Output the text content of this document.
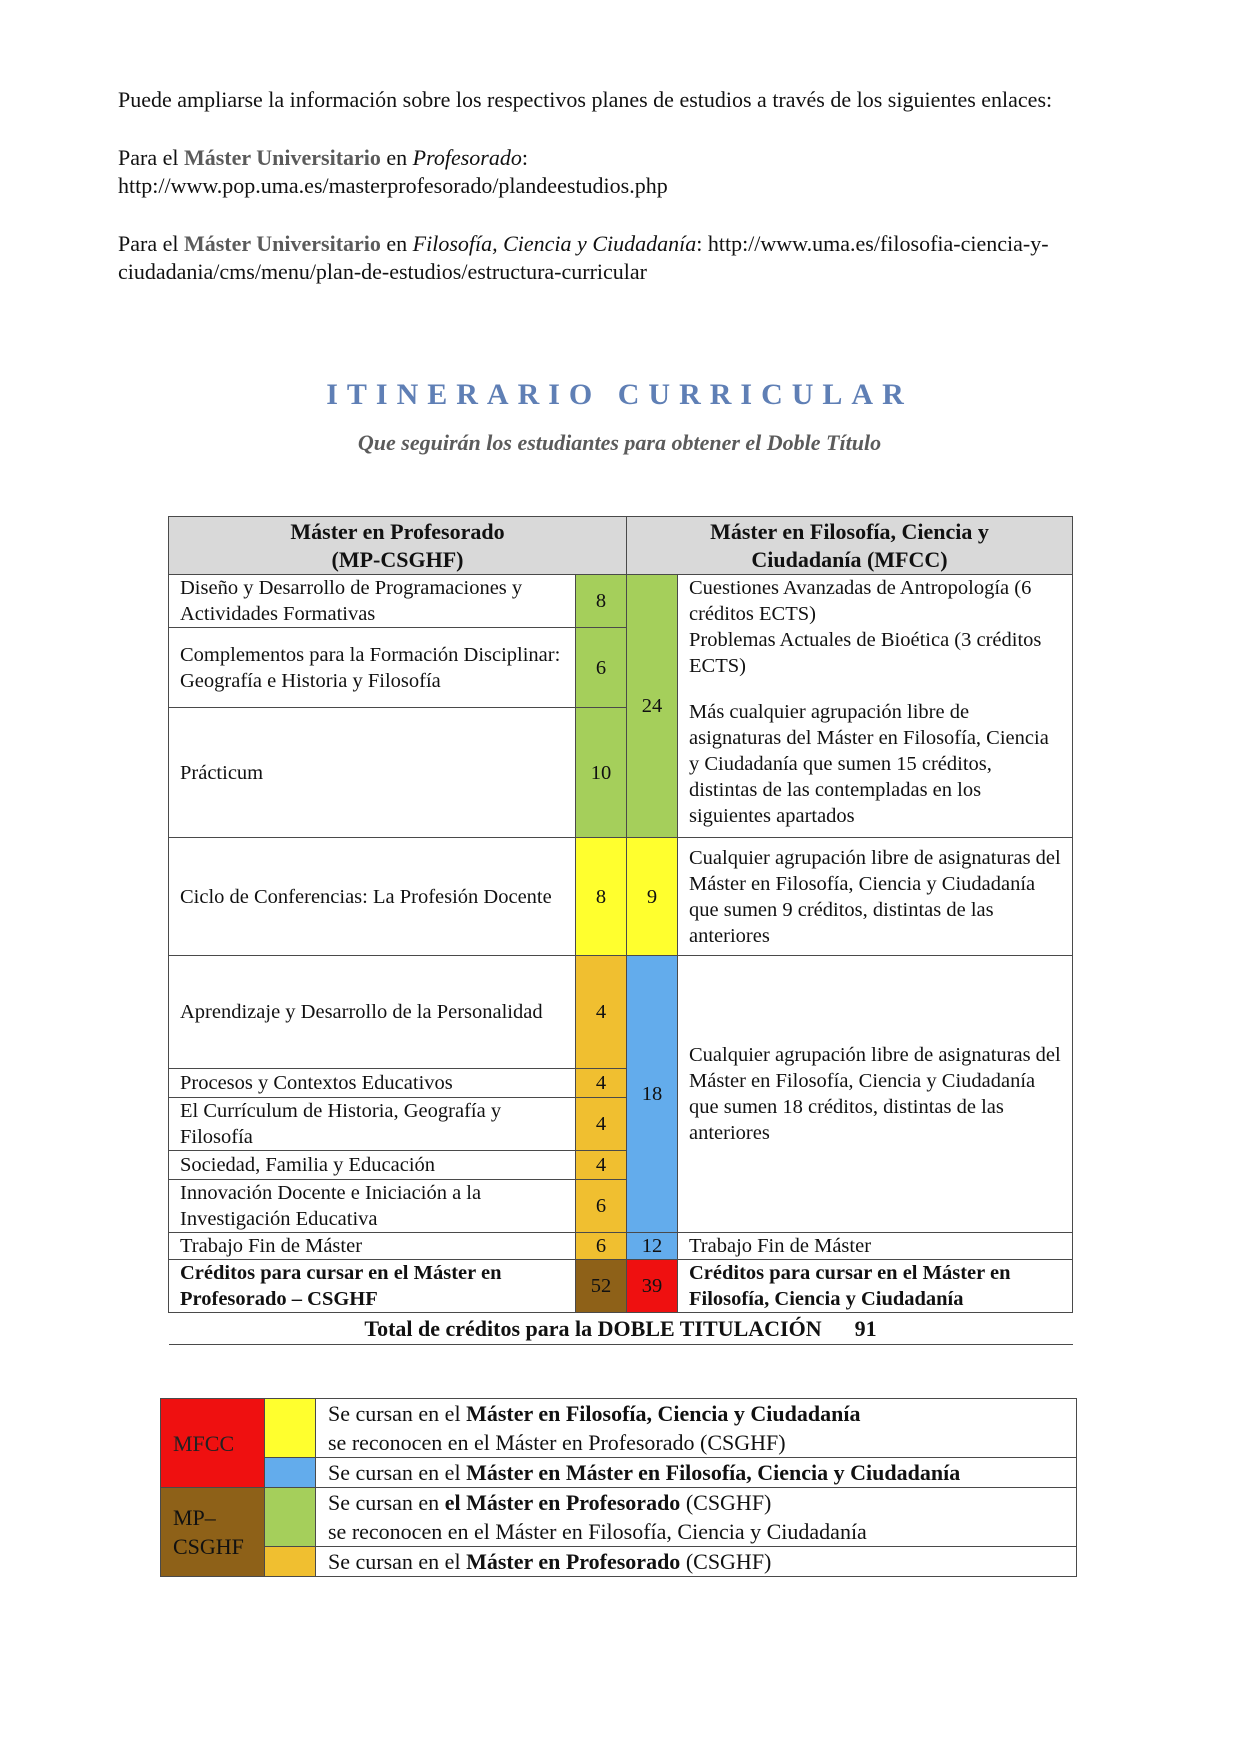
Puede ampliarse la información sobre los respectivos planes de estudios a través de los siguientes enlaces:

Para el Máster Universitario en Profesorado:
http://www.pop.uma.es/masterprofesorado/plandeestudios.php

Para el Máster Universitario en Filosofía, Ciencia y Ciudadanía: http://www.uma.es/filosofia-ciencia-y-ciudadania/cms/menu/plan-de-estudios/estructura-curricular

ITINERARIO CURRICULAR
Que seguirán los estudiantes para obtener el Doble Título
Máster en Profesorado
(MP-CSGHF)		Máster en Filosofía, Ciencia y
Ciudadanía (MFCC)	
Diseño y Desarrollo de Programaciones y Actividades Formativas	8	24	Cuestiones Avanzadas de Antropología (6 créditos ECTS)
Problemas Actuales de Bioética (3 créditos ECTS)
Más cualquier agrupación libre de asignaturas del Máster en Filosofía, Ciencia y Ciudadanía que sumen 15 créditos, distintas de las contempladas en los siguientes apartados

Complementos para la Formación Disciplinar: Geografía e Historia y Filosofía	6		
Prácticum	10		
Ciclo de Conferencias: La Profesión Docente	8	9	Cualquier agrupación libre de asignaturas del Máster en Filosofía, Ciencia y Ciudadanía que sumen 9 créditos, distintas de las anteriores
Aprendizaje y Desarrollo de la Personalidad	4	18	Cualquier agrupación libre de asignaturas del Máster en Filosofía, Ciencia y Ciudadanía que sumen 18 créditos, distintas de las anteriores
Procesos y Contextos Educativos	4		
El Currículum de Historia, Geografía y Filosofía	4		
Sociedad, Familia y Educación	4		
Innovación Docente e Iniciación a la Investigación Educativa	6		
Trabajo Fin de Máster	6	12	Trabajo Fin de Máster
Créditos para cursar en el Máster en Profesorado – CSGHF	52	39	Créditos para cursar en el Máster en Filosofía, Ciencia y Ciudadanía
Total de créditos para la DOBLE TITULACIÓN 91			
MFCC		Se cursan en el Máster en Filosofía, Ciencia y Ciudadanía
se reconocen en el Máster en Profesorado (CSGHF)
		Se cursan en el Máster en Máster en Filosofía, Ciencia y Ciudadanía
MP–
CSGHF		Se cursan en el Máster en Profesorado (CSGHF)
se reconocen en el Máster en Filosofía, Ciencia y Ciudadanía
		Se cursan en el Máster en Profesorado (CSGHF)
